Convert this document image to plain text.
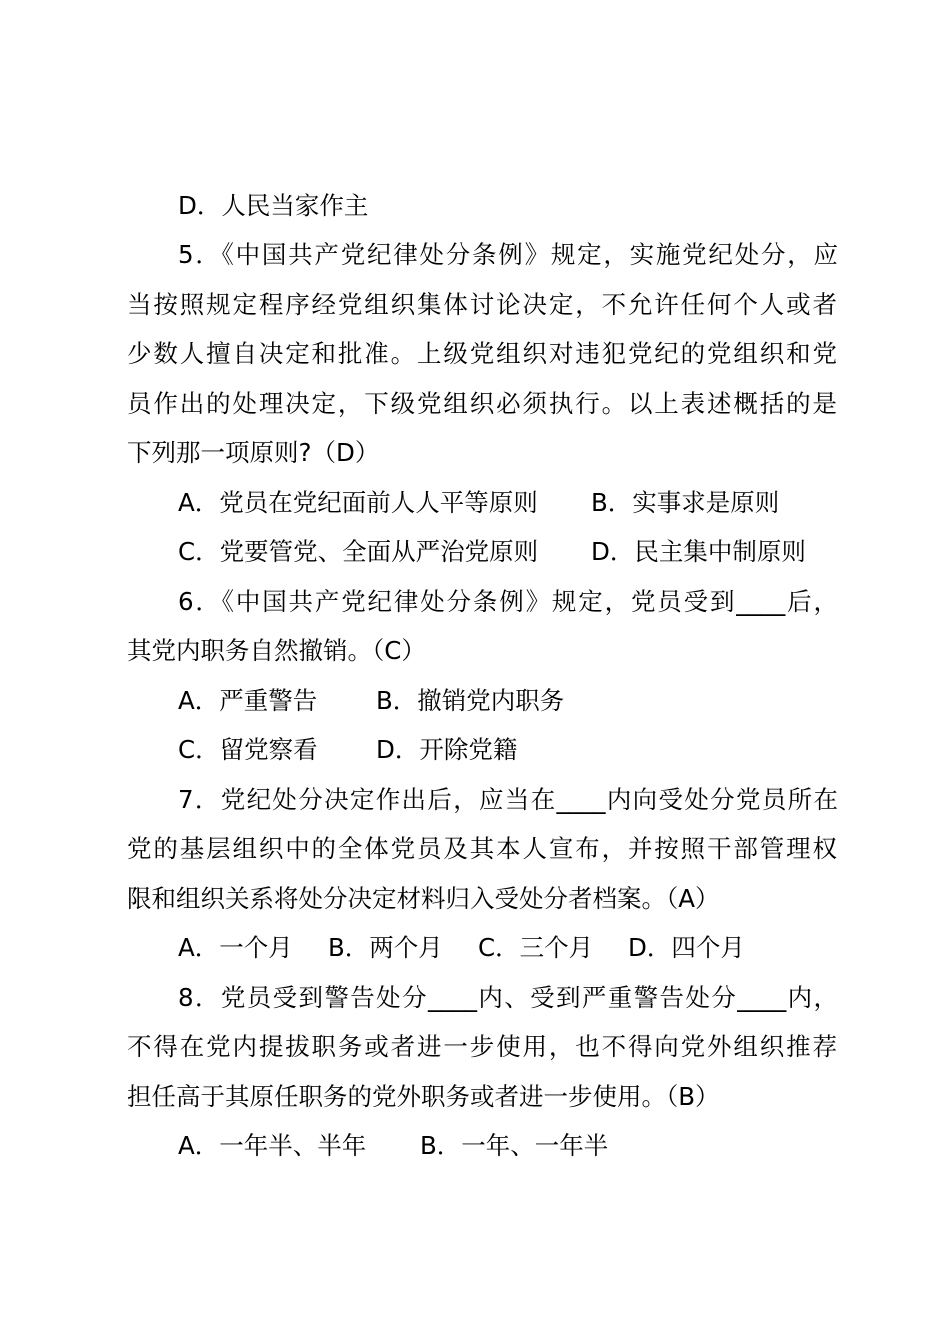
D．人民当家作主
5．《中国共产党纪律处分条例》规定，实施党纪处分，应
当按照规定程序经党组织集体讨论决定，不允许任何个人或者
少数人擅自决定和批准。上级党组织对违犯党纪的党组织和党
员作出的处理决定，下级党组织必须执行。以上表述概括的是
下列那一项原则?（D）
A．党员在党纪面前人人平等原则	B．实事求是原则
C．党要管党、全面从严治党原则	D．民主集中制原则
6．《中国共产党纪律处分条例》规定，党员受到____后，
其党内职务自然撤销。（C）
A．严重警告	B．撤销党内职务
C．留党察看	D．开除党籍
7．党纪处分决定作出后，应当在____内向受处分党员所在
党的基层组织中的全体党员及其本人宣布，并按照干部管理权
限和组织关系将处分决定材料归入受处分者档案。（A）
A．一个月	B．两个月	C．三个月	D．四个月
8．党员受到警告处分____内、受到严重警告处分____内，
不得在党内提拔职务或者进一步使用，也不得向党外组织推荐
担任高于其原任职务的党外职务或者进一步使用。（B）
A．一年半、半年	B．一年、一年半
